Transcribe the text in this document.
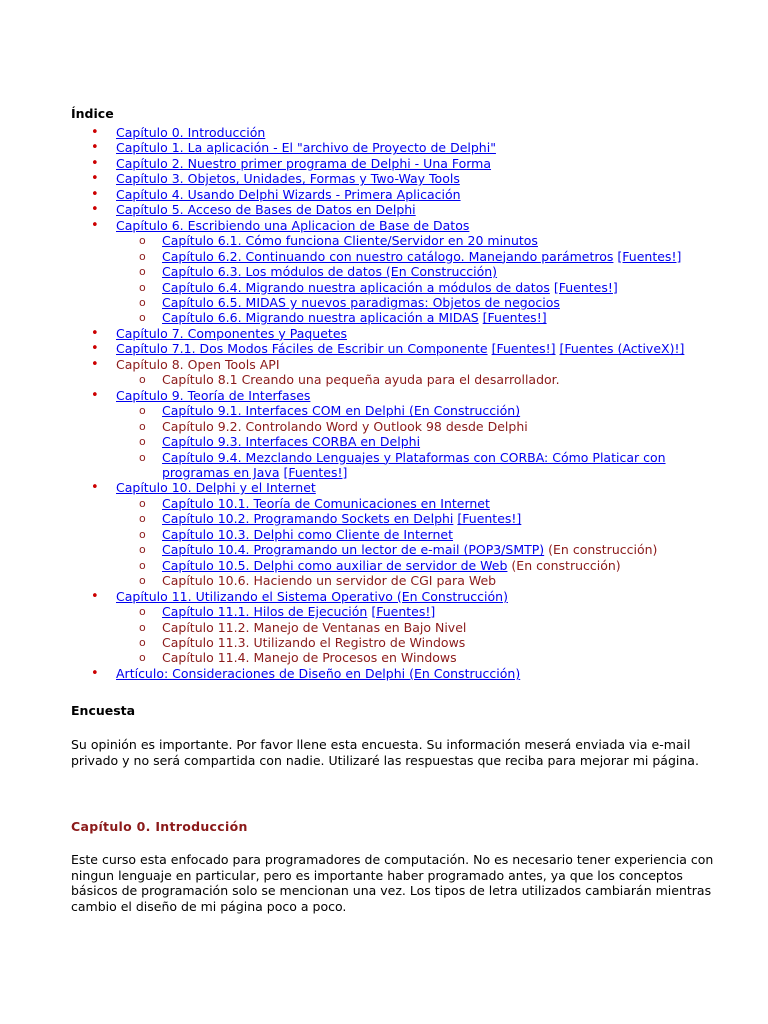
Índice
• Capítulo 0. Introducción
• Capítulo 1. La aplicación - El "archivo de Proyecto de Delphi"
• Capítulo 2. Nuestro primer programa de Delphi - Una Forma
• Capítulo 3. Objetos, Unidades, Formas y Two-Way Tools
• Capítulo 4. Usando Delphi Wizards - Primera Aplicación
• Capítulo 5. Acceso de Bases de Datos en Delphi
• Capítulo 6. Escribiendo una Aplicacion de Base de Datos
o Capítulo 6.1. Cómo funciona Cliente/Servidor en 20 minutos
o Capítulo 6.2. Continuando con nuestro catálogo. Manejando parámetros [Fuentes!]
o Capítulo 6.3. Los módulos de datos (En Construcción)
o Capítulo 6.4. Migrando nuestra aplicación a módulos de datos [Fuentes!]
o Capítulo 6.5. MIDAS y nuevos paradigmas: Objetos de negocios
o Capítulo 6.6. Migrando nuestra aplicación a MIDAS [Fuentes!]
• Capítulo 7. Componentes y Paquetes
• Capítulo 7.1. Dos Modos Fáciles de Escribir un Componente [Fuentes!] [Fuentes (ActiveX)!]
• Capítulo 8. Open Tools API
o Capítulo 8.1 Creando una pequeña ayuda para el desarrollador.
• Capítulo 9. Teoría de Interfases
o Capítulo 9.1. Interfaces COM en Delphi (En Construcción)
o Capítulo 9.2. Controlando Word y Outlook 98 desde Delphi
o Capítulo 9.3. Interfaces CORBA en Delphi
o Capítulo 9.4. Mezclando Lenguajes y Plataformas con CORBA: Cómo Platicar con programas en Java [Fuentes!]
• Capítulo 10. Delphi y el Internet
o Capítulo 10.1. Teoría de Comunicaciones en Internet
o Capítulo 10.2. Programando Sockets en Delphi [Fuentes!]
o Capítulo 10.3. Delphi como Cliente de Internet
o Capítulo 10.4. Programando un lector de e-mail (POP3/SMTP) (En construcción)
o Capítulo 10.5. Delphi como auxiliar de servidor de Web (En construcción)
o Capítulo 10.6. Haciendo un servidor de CGI para Web
• Capítulo 11. Utilizando el Sistema Operativo (En Construcción)
o Capítulo 11.1. Hilos de Ejecución [Fuentes!]
o Capítulo 11.2. Manejo de Ventanas en Bajo Nivel
o Capítulo 11.3. Utilizando el Registro de Windows
o Capítulo 11.4. Manejo de Procesos en Windows
• Artículo: Consideraciones de Diseño en Delphi (En Construcción)
Encuesta

Su opinión es importante. Por favor llene esta encuesta. Su información meserá enviada via e-mail privado y no será compartida con nadie. Utilizaré las respuestas que reciba para mejorar mi página.

Capítulo 0. Introducción

Este curso esta enfocado para programadores de computación. No es necesario tener experiencia con ningun lenguaje en particular, pero es importante haber programado antes, ya que los conceptos básicos de programación solo se mencionan una vez. Los tipos de letra utilizados cambiarán mientras cambio el diseño de mi página poco a poco.
